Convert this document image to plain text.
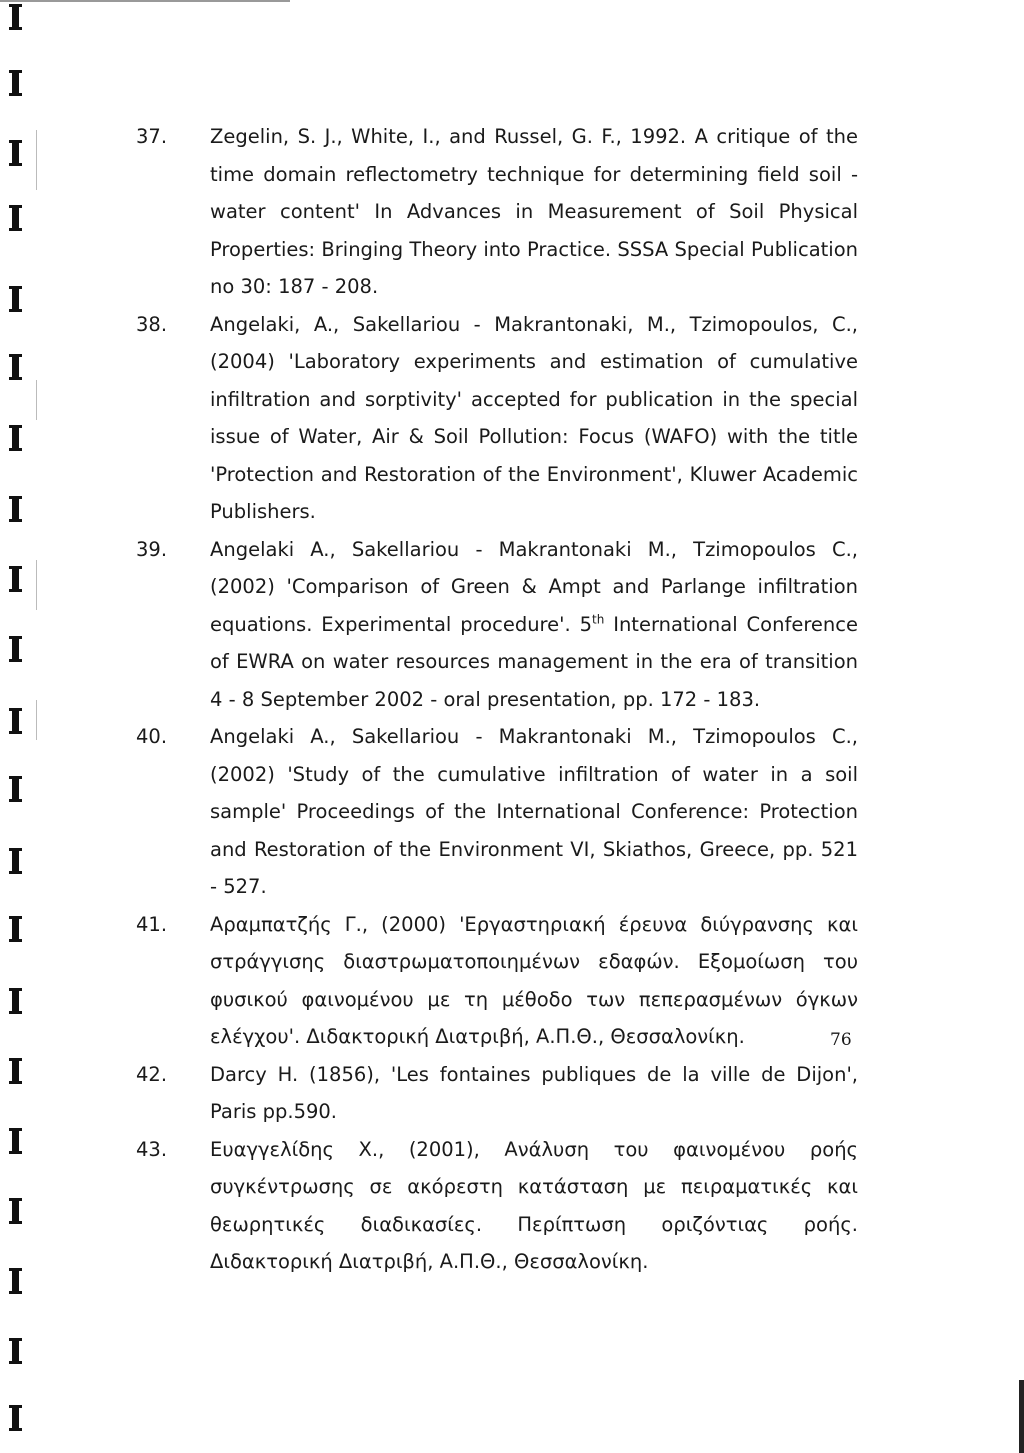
37.	Zegelin, S. J., White, I., and Russel, G. F., 1992. A critique of the time domain reflectometry technique for determining field soil - water content' In Advances in Measurement of Soil Physical Properties: Bringing Theory into Practice. SSSA Special Publication no 30: 187 - 208.
38.	Angelaki, A., Sakellariou - Makrantonaki, M., Tzimopoulos, C., (2004) 'Laboratory experiments and estimation of cumulative infiltration and sorptivity' accepted for publication in the special issue of Water, Air & Soil Pollution: Focus (WAFO) with the title 'Protection and Restoration of the Environment', Kluwer Academic Publishers.
39.	Angelaki A., Sakellariou - Makrantonaki M., Tzimopoulos C., (2002) 'Comparison of Green & Ampt and Parlange infiltration equations. Experimental procedure'. 5th International Conference of EWRA on water resources management in the era of transition 4 - 8 September 2002 - oral presentation, pp. 172 - 183.
40.	Angelaki A., Sakellariou - Makrantonaki M., Tzimopoulos C., (2002) 'Study of the cumulative infiltration of water in a soil sample' Proceedings of the International Conference: Protection and Restoration of the Environment VI, Skiathos, Greece, pp. 521 - 527.
41.	Αραμπατζής Γ., (2000) 'Εργαστηριακή έρευνα διύγρανσης και στράγγισης διαστρωματοποιημένων εδαφών. Εξομοίωση του φυσικού φαινομένου με τη μέθοδο των πεπερασμένων όγκων ελέγχου'. Διδακτορική Διατριβή, Α.Π.Θ., Θεσσαλονίκη.
42.	Darcy H. (1856), 'Les fontaines publiques de la ville de Dijon', Paris pp.590.
43.	Ευαγγελίδης Χ., (2001), Ανάλυση του φαινομένου ροής συγκέντρωσης σε ακόρεστη κατάσταση με πειραματικές και θεωρητικές διαδικασίες. Περίπτωση οριζόντιας ροής. Διδακτορική Διατριβή, Α.Π.Θ., Θεσσαλονίκη.
76
